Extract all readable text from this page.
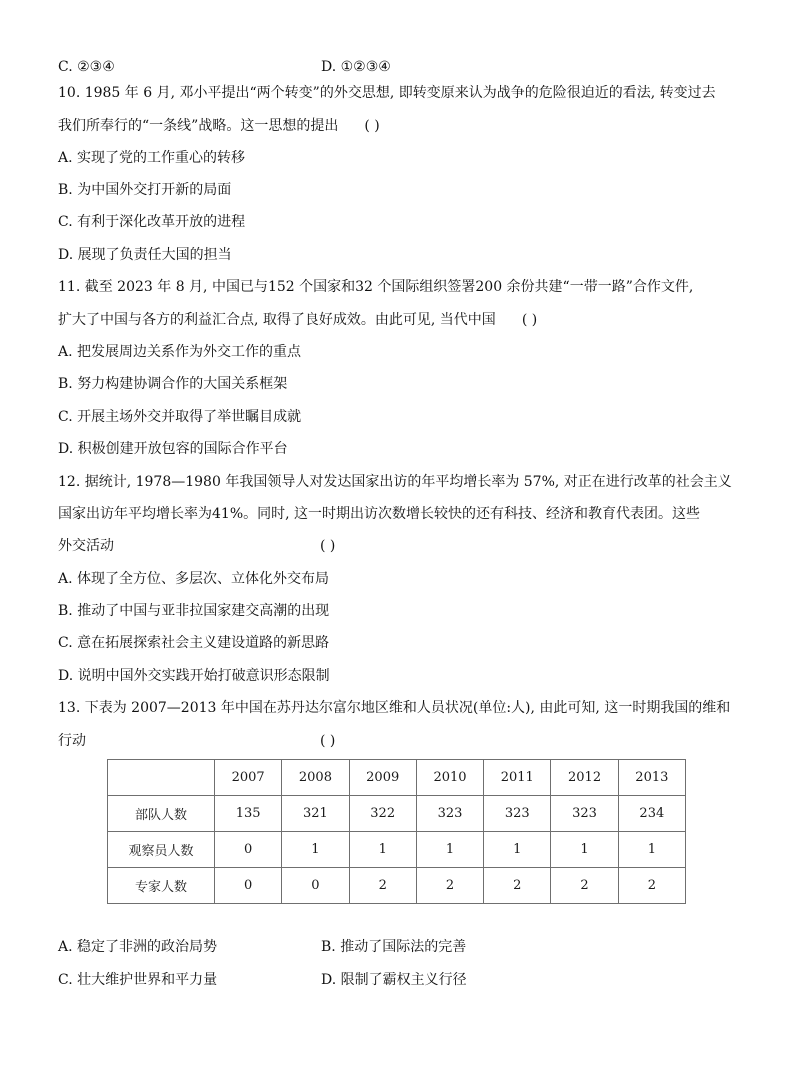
C. ②③④	D. ①②③④
10. 1985 年 6 月, 邓小平提出“两个转变”的外交思想, 即转变原来认为战争的危险很迫近的看法, 转变过去
我们所奉行的“一条线”战略。这一思想的提出 ( )
A. 实现了党的工作重心的转移
B. 为中国外交打开新的局面
C. 有利于深化改革开放的进程
D. 展现了负责任大国的担当
11. 截至 2023 年 8 月, 中国已与152 个国家和32 个国际组织签署200 余份共建“一带一路”合作文件,
扩大了中国与各方的利益汇合点, 取得了良好成效。由此可见, 当代中国 ( )
A. 把发展周边关系作为外交工作的重点
B. 努力构建协调合作的大国关系框架
C. 开展主场外交并取得了举世瞩目成就
D. 积极创建开放包容的国际合作平台
12. 据统计, 1978—1980 年我国领导人对发达国家出访的年平均增长率为 57%, 对正在进行改革的社会主义
国家出访年平均增长率为41%。同时, 这一时期出访次数增长较快的还有科技、经济和教育代表团。这些
外交活动	( )
A. 体现了全方位、多层次、立体化外交布局
B. 推动了中国与亚非拉国家建交高潮的出现
C. 意在拓展探索社会主义建设道路的新思路
D. 说明中国外交实践开始打破意识形态限制
13. 下表为 2007—2013 年中国在苏丹达尔富尔地区维和人员状况(单位:人), 由此可知, 这一时期我国的维和
行动	( )
	2007	2008	2009	2010	2011	2012	2013
部队人数	135	321	322	323	323	323	234
观察员人数	0	1	1	1	1	1	1
专家人数	0	0	2	2	2	2	2
A. 稳定了非洲的政治局势	B. 推动了国际法的完善
C. 壮大维护世界和平力量	D. 限制了霸权主义行径
